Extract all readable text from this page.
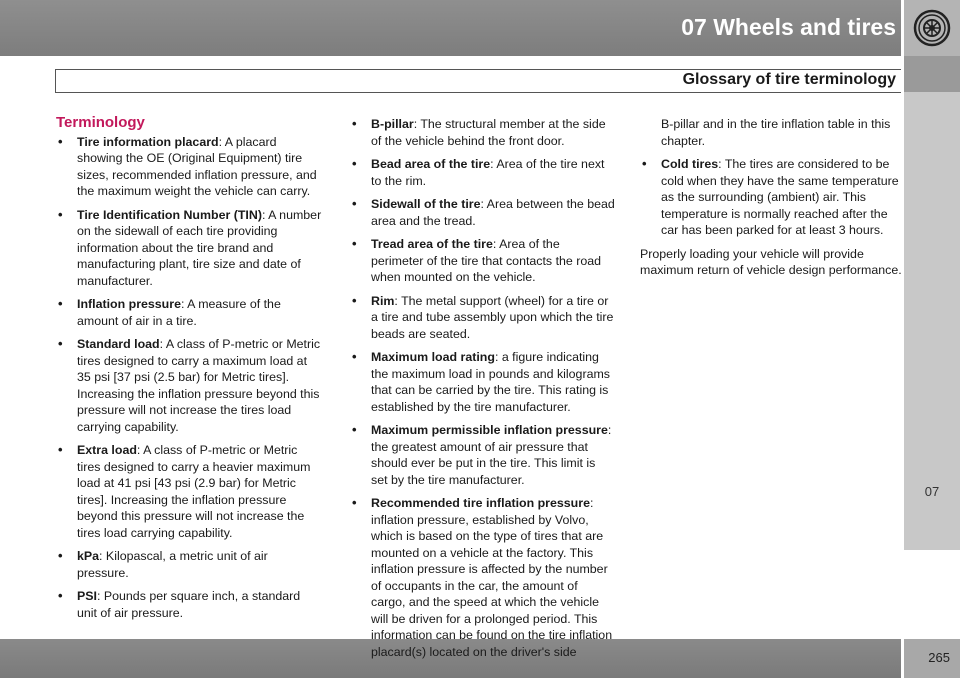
07 Wheels and tires
Glossary of tire terminology
07
265
Terminology
• Tire information placard: A placard showing the OE (Original Equipment) tire sizes, recommended inflation pressure, and the maximum weight the vehicle can carry.
• Tire Identification Number (TIN): A number on the sidewall of each tire providing information about the tire brand and manufacturing plant, tire size and date of manufacturer.
• Inflation pressure: A measure of the amount of air in a tire.
• Standard load: A class of P-metric or Metric tires designed to carry a maximum load at 35 psi [37 psi (2.5 bar) for Metric tires]. Increasing the inflation pressure beyond this pressure will not increase the tires load carrying capability.
• Extra load: A class of P-metric or Metric tires designed to carry a heavier maximum load at 41 psi [43 psi (2.9 bar) for Metric tires]. Increasing the inflation pressure beyond this pressure will not increase the tires load carrying capability.
• kPa: Kilopascal, a metric unit of air pressure.
• PSI: Pounds per square inch, a standard unit of air pressure.
• B-pillar: The structural member at the side of the vehicle behind the front door.
• Bead area of the tire: Area of the tire next to the rim.
• Sidewall of the tire: Area between the bead area and the tread.
• Tread area of the tire: Area of the perimeter of the tire that contacts the road when mounted on the vehicle.
• Rim: The metal support (wheel) for a tire or a tire and tube assembly upon which the tire beads are seated.
• Maximum load rating: a figure indicating the maximum load in pounds and kilograms that can be carried by the tire. This rating is established by the tire manufacturer.
• Maximum permissible inflation pressure: the greatest amount of air pressure that should ever be put in the tire. This limit is set by the tire manufacturer.
• Recommended tire inflation pressure: inflation pressure, established by Volvo, which is based on the type of tires that are mounted on a vehicle at the factory. This inflation pressure is affected by the number of occupants in the car, the amount of cargo, and the speed at which the vehicle will be driven for a prolonged period. This information can be found on the tire inflation placard(s) located on the driver's side

B-pillar and in the tire inflation table in this chapter.

• Cold tires: The tires are considered to be cold when they have the same temperature as the surrounding (ambient) air. This temperature is normally reached after the car has been parked for at least 3 hours.

Properly loading your vehicle will provide maximum return of vehicle design performance.
